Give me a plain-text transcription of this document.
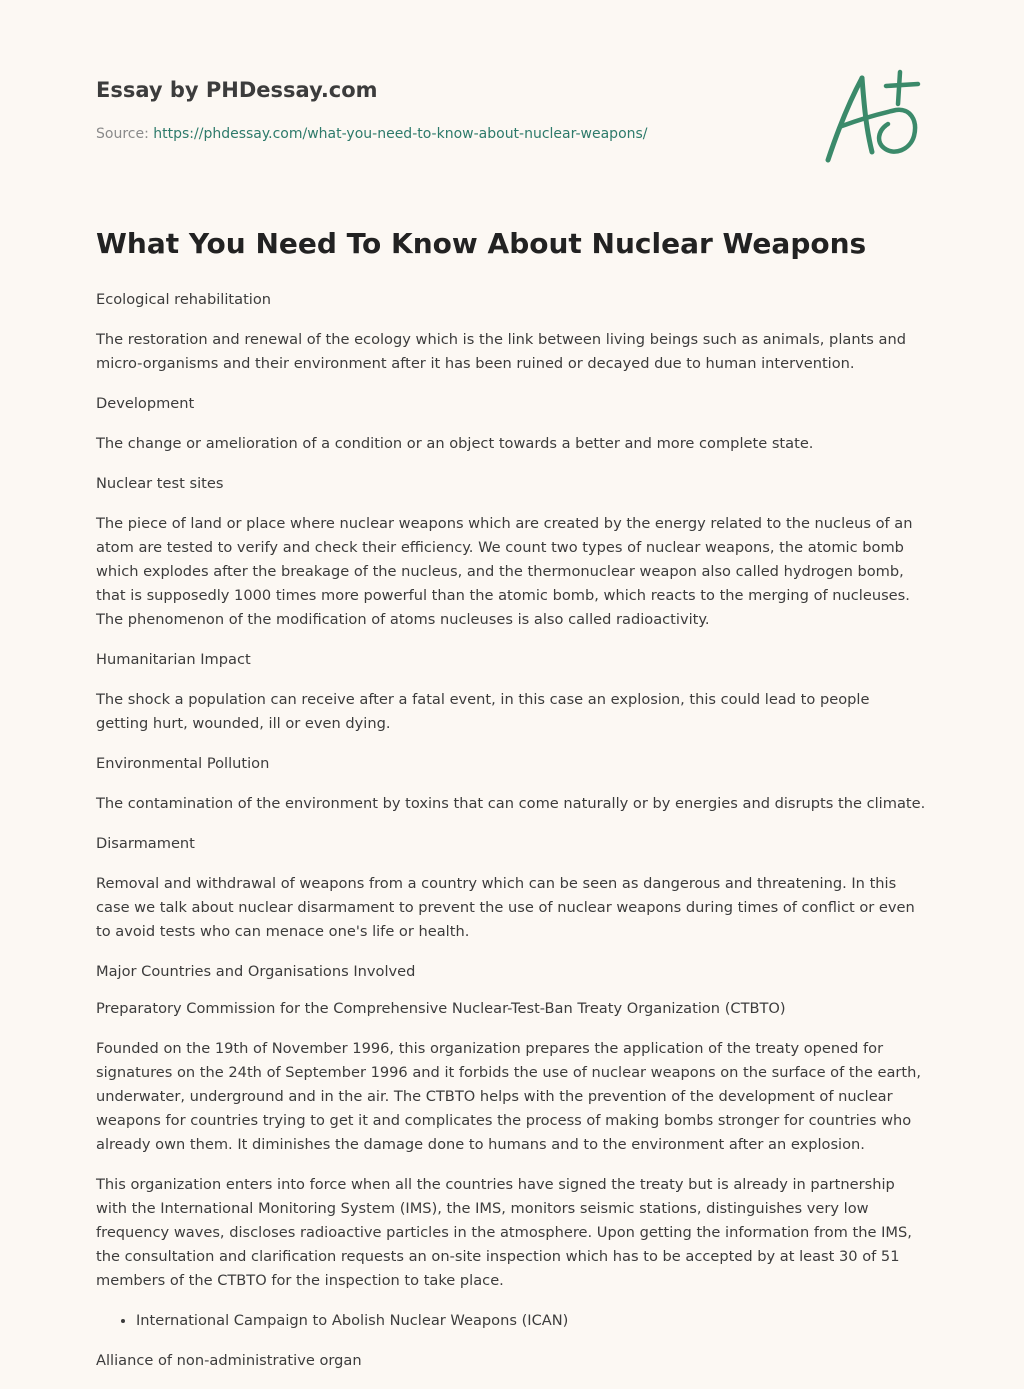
Essay by PHDessay.com
Source: https://phdessay.com/what-you-need-to-know-about-nuclear-weapons/
What You Need To Know About Nuclear Weapons

Ecological rehabilitation

The restoration and renewal of the ecology which is the link between living beings such as animals, plants and micro-organisms and their environment after it has been ruined or decayed due to human intervention.

Development

The change or amelioration of a condition or an object towards a better and more complete state.

Nuclear test sites

The piece of land or place where nuclear weapons which are created by the energy related to the nucleus of an atom are tested to verify and check their efficiency. We count two types of nuclear weapons, the atomic bomb which explodes after the breakage of the nucleus, and the thermonuclear weapon also called hydrogen bomb, that is supposedly 1000 times more powerful than the atomic bomb, which reacts to the merging of nucleuses. The phenomenon of the modification of atoms nucleuses is also called radioactivity.

Humanitarian Impact

The shock a population can receive after a fatal event, in this case an explosion, this could lead to people getting hurt, wounded, ill or even dying.

Environmental Pollution

The contamination of the environment by toxins that can come naturally or by energies and disrupts the climate.

Disarmament

Removal and withdrawal of weapons from a country which can be seen as dangerous and threatening. In this case we talk about nuclear disarmament to prevent the use of nuclear weapons during times of conflict or even to avoid tests who can menace one's life or health.

Major Countries and Organisations Involved

Preparatory Commission for the Comprehensive Nuclear-Test-Ban Treaty Organization (CTBTO)

Founded on the 19th of November 1996, this organization prepares the application of the treaty opened for signatures on the 24th of September 1996 and it forbids the use of nuclear weapons on the surface of the earth, underwater, underground and in the air. The CTBTO helps with the prevention of the development of nuclear weapons for countries trying to get it and complicates the process of making bombs stronger for countries who already own them. It diminishes the damage done to humans and to the environment after an explosion.

This organization enters into force when all the countries have signed the treaty but is already in partnership with the International Monitoring System (IMS), the IMS, monitors seismic stations, distinguishes very low frequency waves, discloses radioactive particles in the atmosphere. Upon getting the information from the IMS, the consultation and clarification requests an on-site inspection which has to be accepted by at least 30 of 51 members of the CTBTO for the inspection to take place.

• International Campaign to Abolish Nuclear Weapons (ICAN)

Alliance of non-administrative organ
